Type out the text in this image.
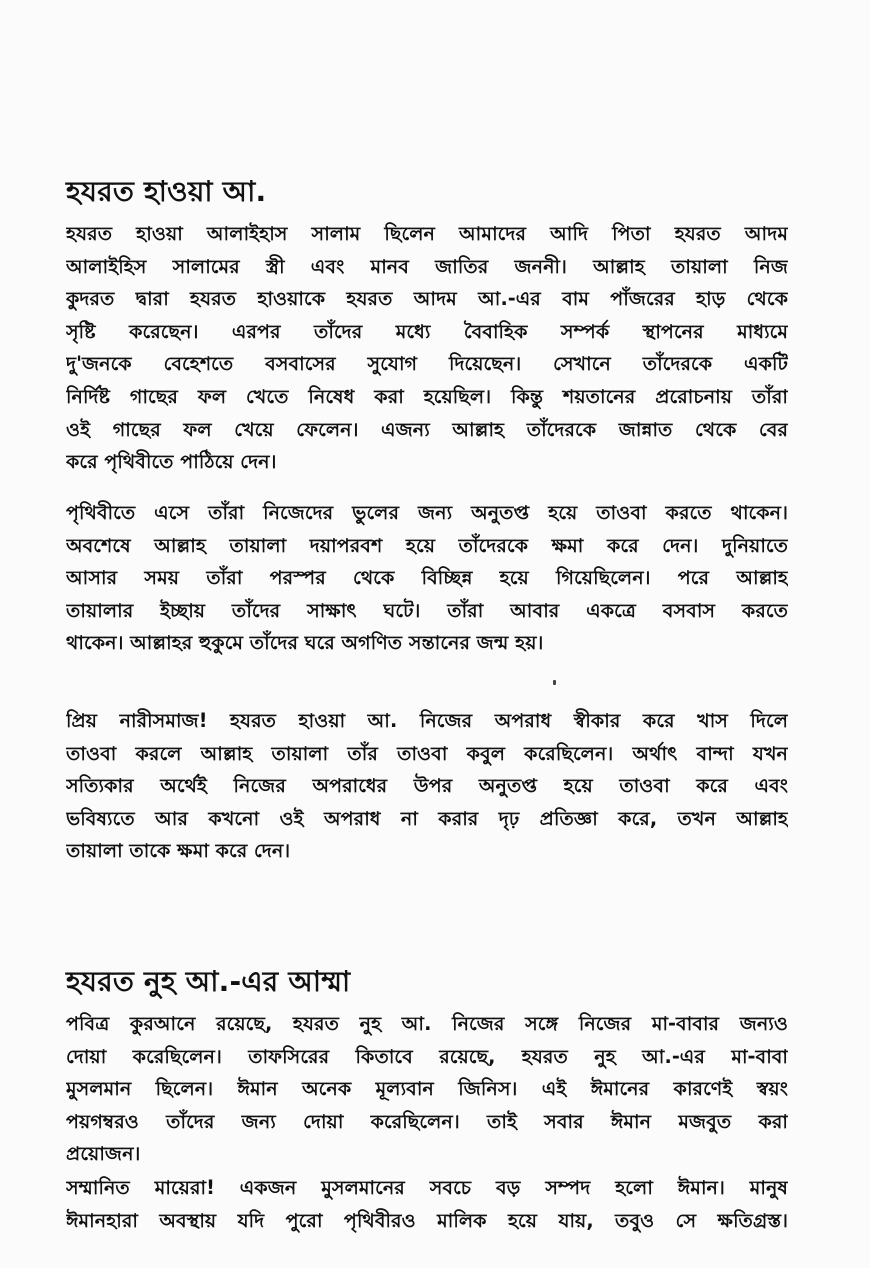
হযরত হাওয়া আ.
হযরত হাওয়া আলাইহাস সালাম ছিলেন আমাদের আদি পিতা হযরত আদম
আলাইহিস সালামের স্ত্রী এবং মানব জাতির জননী। আল্লাহ তায়ালা নিজ
কুদরত দ্বারা হযরত হাওয়াকে হযরত আদম আ.-এর বাম পাঁজরের হাড় থেকে
সৃষ্টি করেছেন। এরপর তাঁদের মধ্যে বৈবাহিক সম্পর্ক স্থাপনের মাধ্যমে
দু'জনকে বেহেশতে বসবাসের সুযোগ দিয়েছেন। সেখানে তাঁদেরকে একটি
নির্দিষ্ট গাছের ফল খেতে নিষেধ করা হয়েছিল। কিন্তু শয়তানের প্ররোচনায় তাঁরা
ওই গাছের ফল খেয়ে ফেলেন। এজন্য আল্লাহ তাঁদেরকে জান্নাত থেকে বের
করে পৃথিবীতে পাঠিয়ে দেন।
পৃথিবীতে এসে তাঁরা নিজেদের ভুলের জন্য অনুতপ্ত হয়ে তাওবা করতে থাকেন।
অবশেষে আল্লাহ তায়ালা দয়াপরবশ হয়ে তাঁদেরকে ক্ষমা করে দেন। দুনিয়াতে
আসার সময় তাঁরা পরস্পর থেকে বিচ্ছিন্ন হয়ে গিয়েছিলেন। পরে আল্লাহ
তায়ালার ইচ্ছায় তাঁদের সাক্ষাৎ ঘটে। তাঁরা আবার একত্রে বসবাস করতে
থাকেন। আল্লাহর হুকুমে তাঁদের ঘরে অগণিত সন্তানের জন্ম হয়।
প্রিয় নারীসমাজ! হযরত হাওয়া আ. নিজের অপরাধ স্বীকার করে খাস দিলে
তাওবা করলে আল্লাহ তায়ালা তাঁর তাওবা কবুল করেছিলেন। অর্থাৎ বান্দা যখন
সত্যিকার অর্থেই নিজের অপরাধের উপর অনুতপ্ত হয়ে তাওবা করে এবং
ভবিষ্যতে আর কখনো ওই অপরাধ না করার দৃঢ় প্রতিজ্ঞা করে, তখন আল্লাহ
তায়ালা তাকে ক্ষমা করে দেন।
হযরত নুহ আ.-এর আম্মা
পবিত্র কুরআনে রয়েছে, হযরত নুহ আ. নিজের সঙ্গে নিজের মা-বাবার জন্যও
দোয়া করেছিলেন। তাফসিরের কিতাবে রয়েছে, হযরত নুহ আ.-এর মা-বাবা
মুসলমান ছিলেন। ঈমান অনেক মূল্যবান জিনিস। এই ঈমানের কারণেই স্বয়ং
পয়গম্বরও তাঁদের জন্য দোয়া করেছিলেন। তাই সবার ঈমান মজবুত করা
প্রয়োজন।
সম্মানিত মায়েরা! একজন মুসলমানের সবচে বড় সম্পদ হলো ঈমান। মানুষ
ঈমানহারা অবস্থায় যদি পুরো পৃথিবীরও মালিক হয়ে যায়, তবুও সে ক্ষতিগ্রস্ত।
